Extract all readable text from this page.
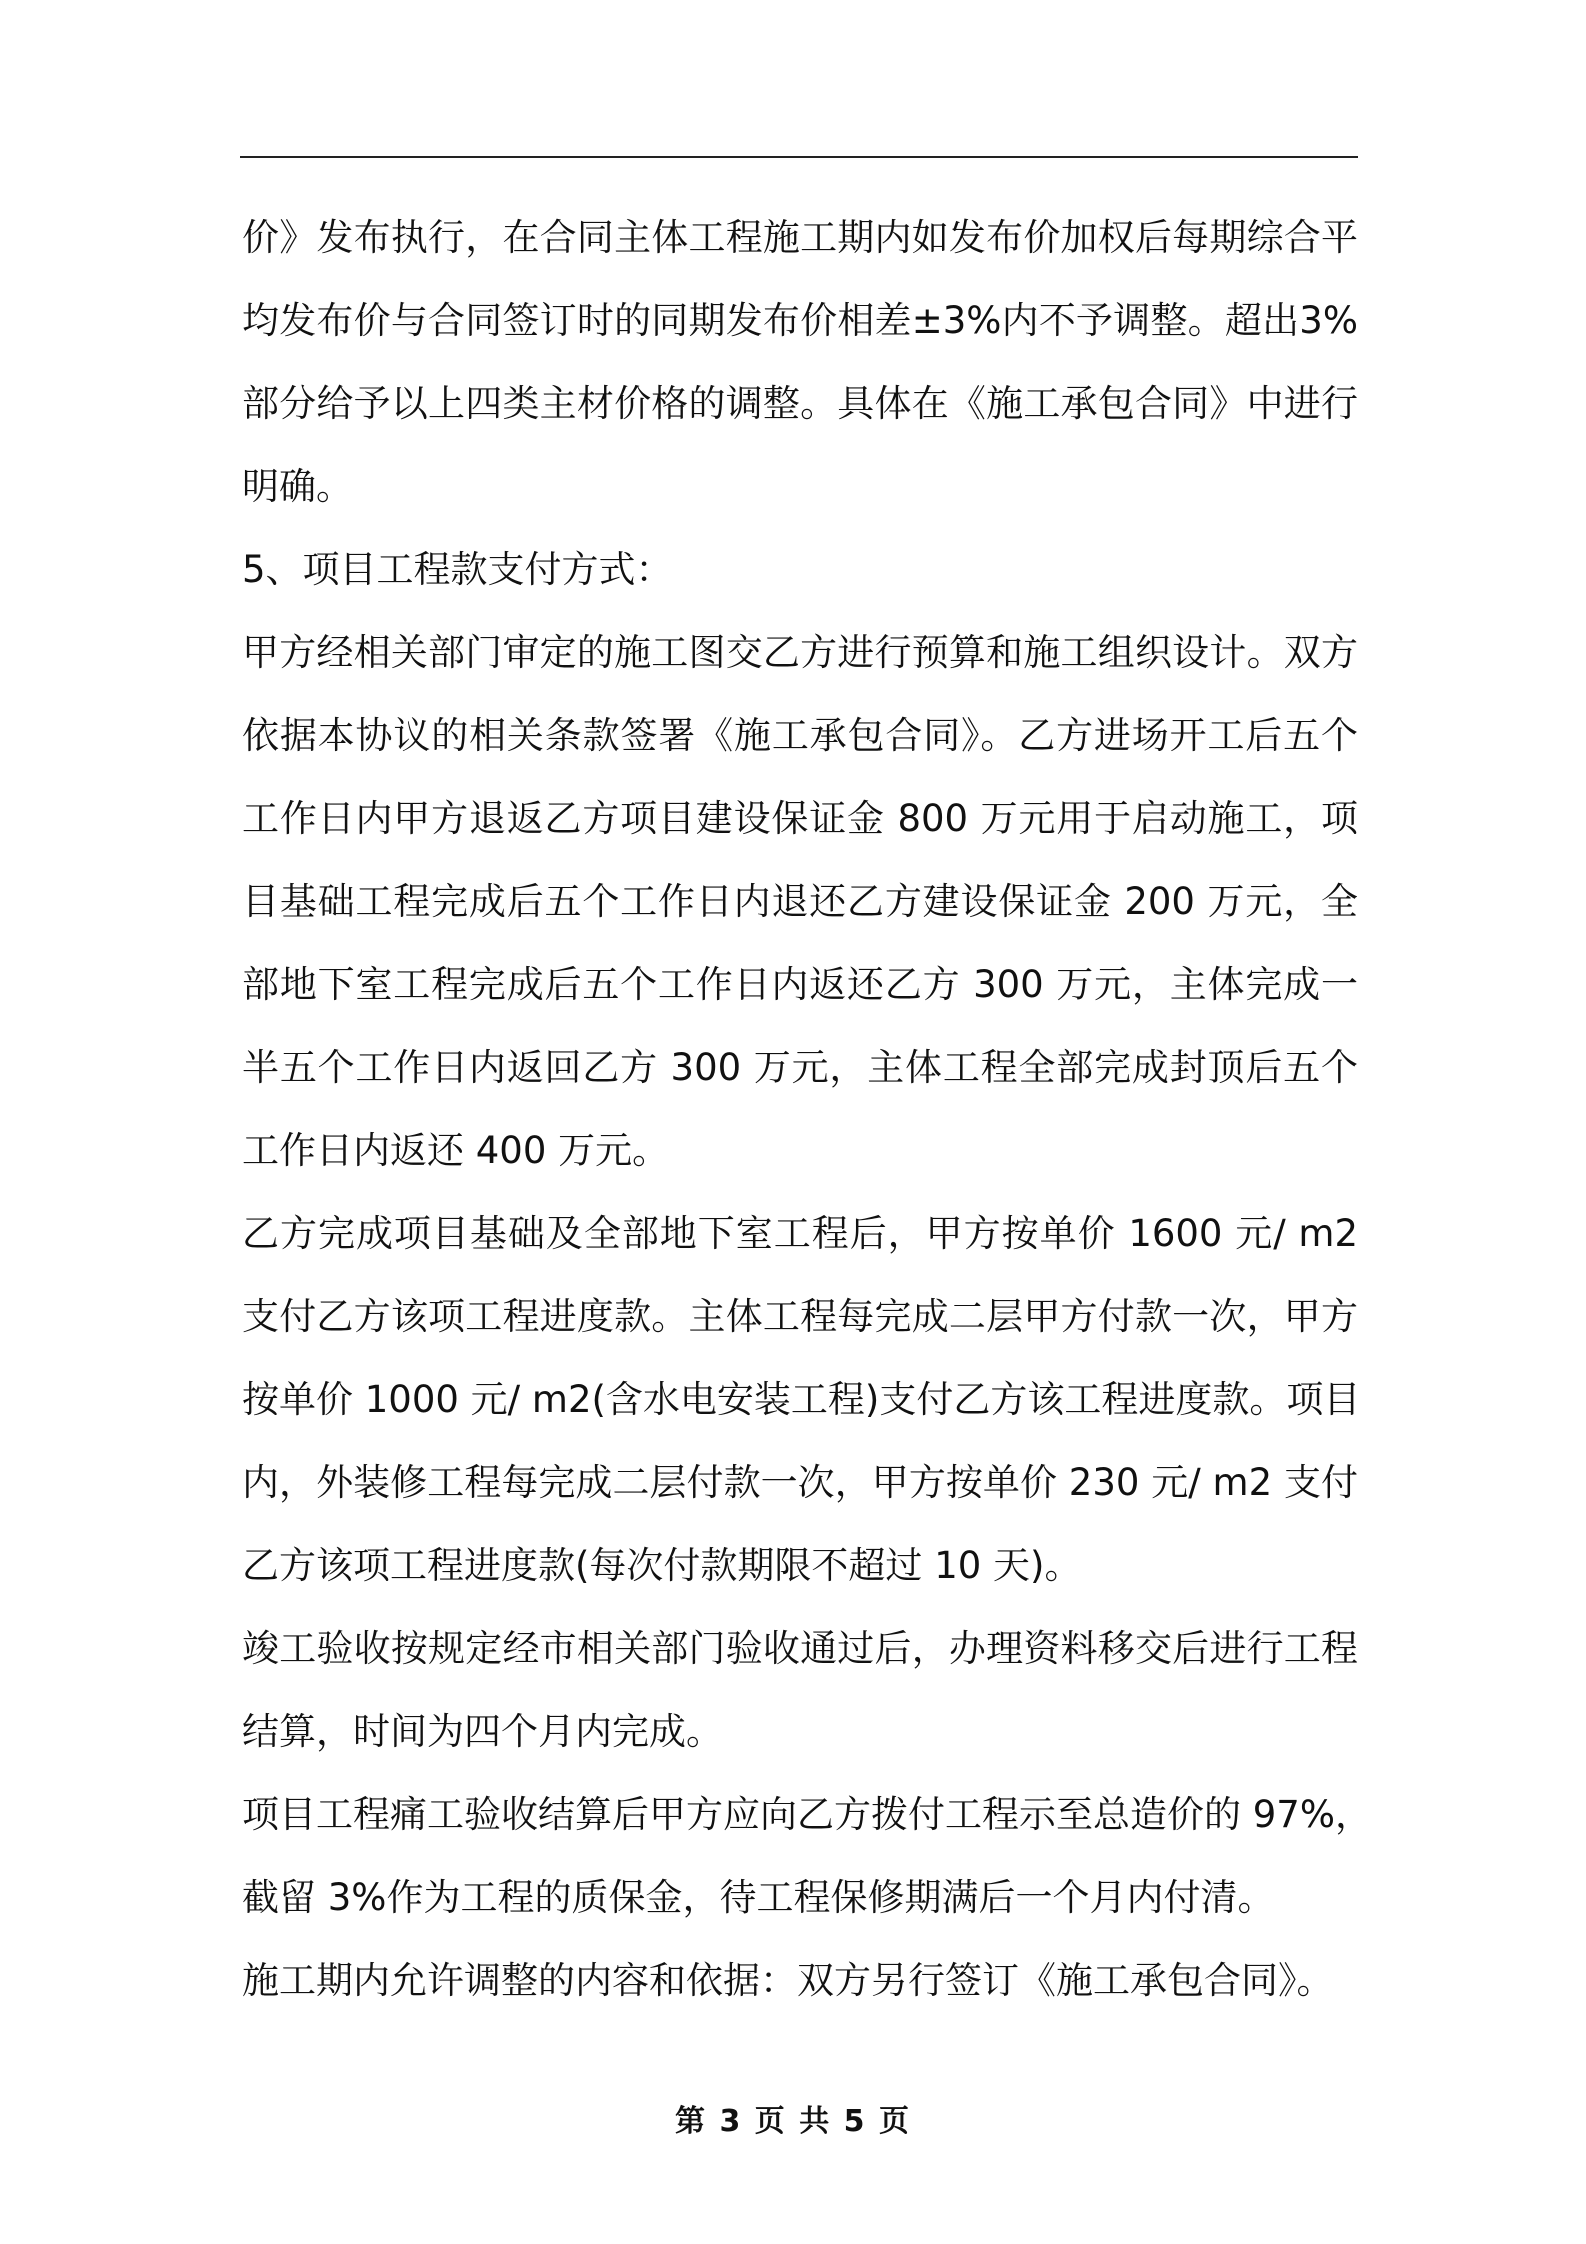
价》发布执行，在合同主体工程施工期内如发布价加权后每期综合平
均发布价与合同签订时的同期发布价相差±3%内不予调整。超出3%
部分给予以上四类主材价格的调整。具体在《施工承包合同》中进行
明确。
5、项目工程款支付方式：
甲方经相关部门审定的施工图交乙方进行预算和施工组织设计。双方
依据本协议的相关条款签署《施工承包合同》。乙方进场开工后五个
工作日内甲方退返乙方项目建设保证金 800 万元用于启动施工，项
目基础工程完成后五个工作日内退还乙方建设保证金 200 万元，全
部地下室工程完成后五个工作日内返还乙方 300 万元，主体完成一
半五个工作日内返回乙方 300 万元，主体工程全部完成封顶后五个
工作日内返还 400 万元。
乙方完成项目基础及全部地下室工程后，甲方按单价 1600 元/ m2
支付乙方该项工程进度款。主体工程每完成二层甲方付款一次，甲方
按单价 1000 元/ m2(含水电安装工程)支付乙方该工程进度款。项目
内，外装修工程每完成二层付款一次，甲方按单价 230 元/ m2 支付
乙方该项工程进度款(每次付款期限不超过 10 天)。
竣工验收按规定经市相关部门验收通过后，办理资料移交后进行工程
结算，时间为四个月内完成。
项目工程痛工验收结算后甲方应向乙方拨付工程示至总造价的 97%，
截留 3%作为工程的质保金，待工程保修期满后一个月内付清。
施工期内允许调整的内容和依据：双方另行签订《施工承包合同》。
第 3 页 共 5 页
